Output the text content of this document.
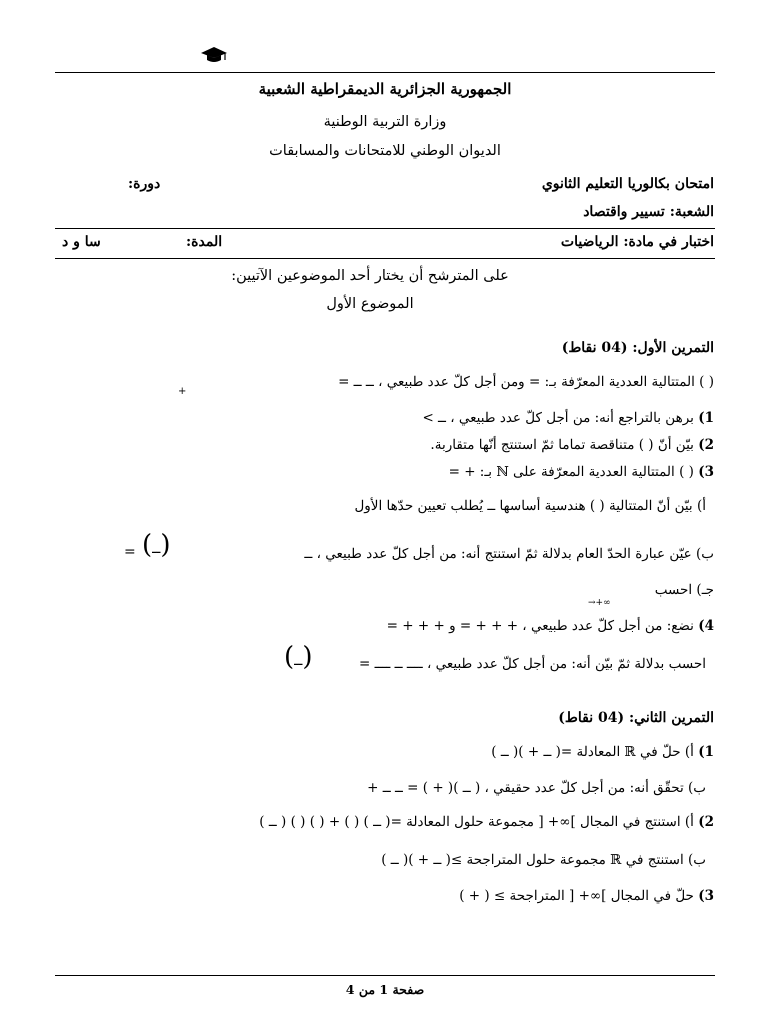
الجمهورية الجزائرية الديمقراطية الشعبية
وزارة التربية الوطنية
الديوان الوطني للامتحانات والمسابقات
امتحان بكالوريا التعليم الثانوي
دورة:
الشعبة: تسيير واقتصاد
اختبار في مادة: الرياضيات
المدة:
سا و د
على المترشح أن يختار أحد الموضوعين الآتيين:
الموضوع الأول
التمرين الأول: (04 نقاط)
( ) المتتالية العددية المعرّفة بـ: = ومن أجل كلّ عدد طبيعي ، ــ ــ =
+
1) برهن بالتراجع أنه: من أجل كلّ عدد طبيعي ، ــ >
2) بيّن أنّ ( ) متناقصة تماما ثمّ استنتج أنّها متقاربة.
3) ( ) المتتالية العددية المعرّفة على ℕ بـ: + =
أ) بيّن أنّ المتتالية ( ) هندسية أساسها ــ يُطلب تعيين حدّها الأول
ب) عيّن عبارة الحدّ العام بدلالة ثمّ استنتج أنه: من أجل كلّ عدد طبيعي ، ــ
(ــ)
=
جـ) احسب
→+∞
4) نضع: من أجل كلّ عدد طبيعي ، + + + = و + + + =
احسب بدلالة ثمّ بيّن أنه: من أجل كلّ عدد طبيعي ، ــــ ــ ــــ =
(ــ)
التمرين الثاني: (04 نقاط)
1) أ) حلّ في ℝ المعادلة =( ــ + )( ــ )
ب) تحقّق أنه: من أجل كلّ عدد حقيقي ، ( ــ )( + ) = ــ ــ +
2) أ) استنتج في المجال ]∞+ [ مجموعة حلول المعادلة =( ــ ) ( ) + ( ) ( ) ( ــ )
ب) استنتج في ℝ مجموعة حلول المتراجحة ≥( ــ + )( ــ )
3) حلّ في المجال ]∞+ [ المتراجحة ≥ ( + )
صفحة 1 من 4
